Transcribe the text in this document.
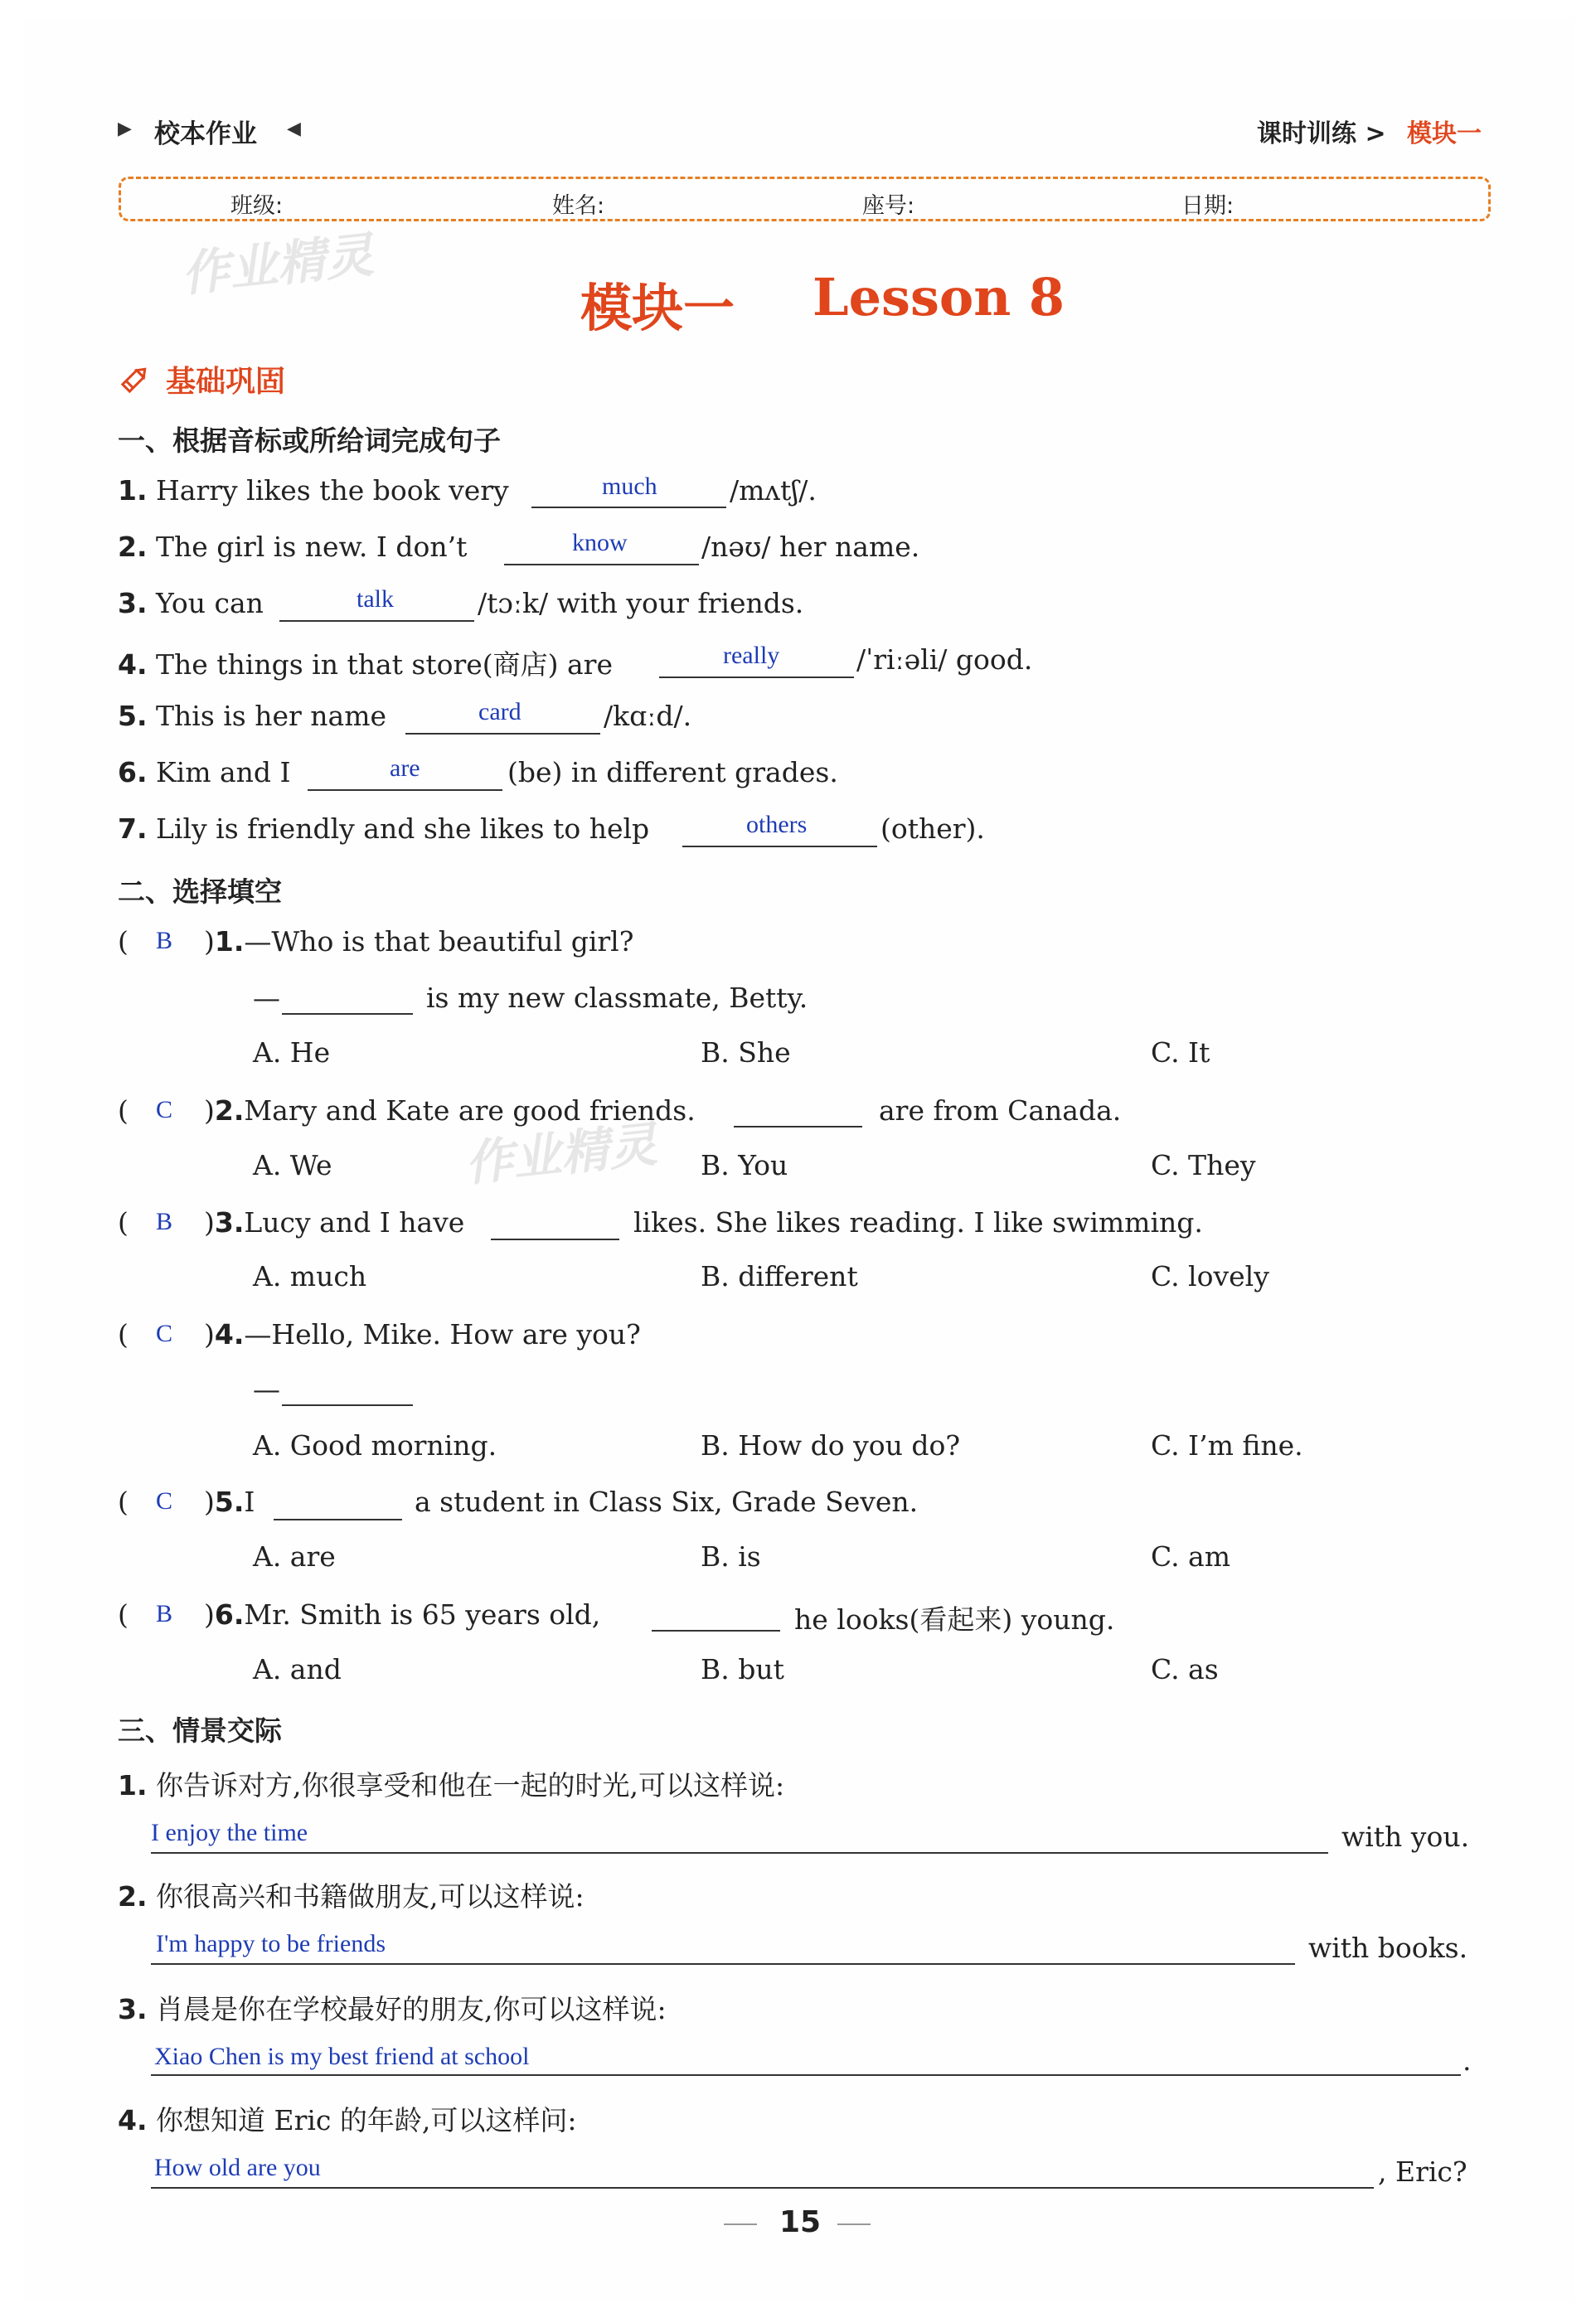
▶ 校本作业 ◀	课时训练 > 模块一
班级:	姓名:	座号:	日期:
作业精灵
作业精灵
模块一 Lesson 8
基础巩固
一、根据音标或所给词完成句子
1. Harry likes the book very	much	/mʌtʃ/.
2. The girl is new. I don’t	know	/nəʊ/ her name.
3. You can	talk	/tɔːk/ with your friends.
4. The things in that store(商店) are	really	/ˈriːəli/ good.
5. This is her name	card	/kɑːd/.
6. Kim and I	are	(be) in different grades.
7. Lily is friendly and she likes to help	others	(other).
二、选择填空
( B )1.—Who is that beautiful girl?
—	is my new classmate, Betty.
A. He	B. She	C. It
( C )2.Mary and Kate are good friends.	are from Canada.
A. We	B. You	C. They
( B )3.Lucy and I have	likes. She likes reading. I like swimming.
A. much	B. different	C. lovely
( C )4.—Hello, Mike. How are you?
—
A. Good morning.	B. How do you do?	C. I’m fine.
( C )5.I	a student in Class Six, Grade Seven.
A. are	B. is	C. am
( B )6.Mr. Smith is 65 years old,	he looks(看起来) young.
A. and	B. but	C. as
三、情景交际
1. 你告诉对方,你很享受和他在一起的时光,可以这样说:
I enjoy the time	with you.
2. 你很高兴和书籍做朋友,可以这样说:
I'm happy to be friends	with books.
3. 肖晨是你在学校最好的朋友,你可以这样说:
Xiao Chen is my best friend at school	.
4. 你想知道 Eric 的年龄,可以这样问:
How old are you	, Eric?
15
